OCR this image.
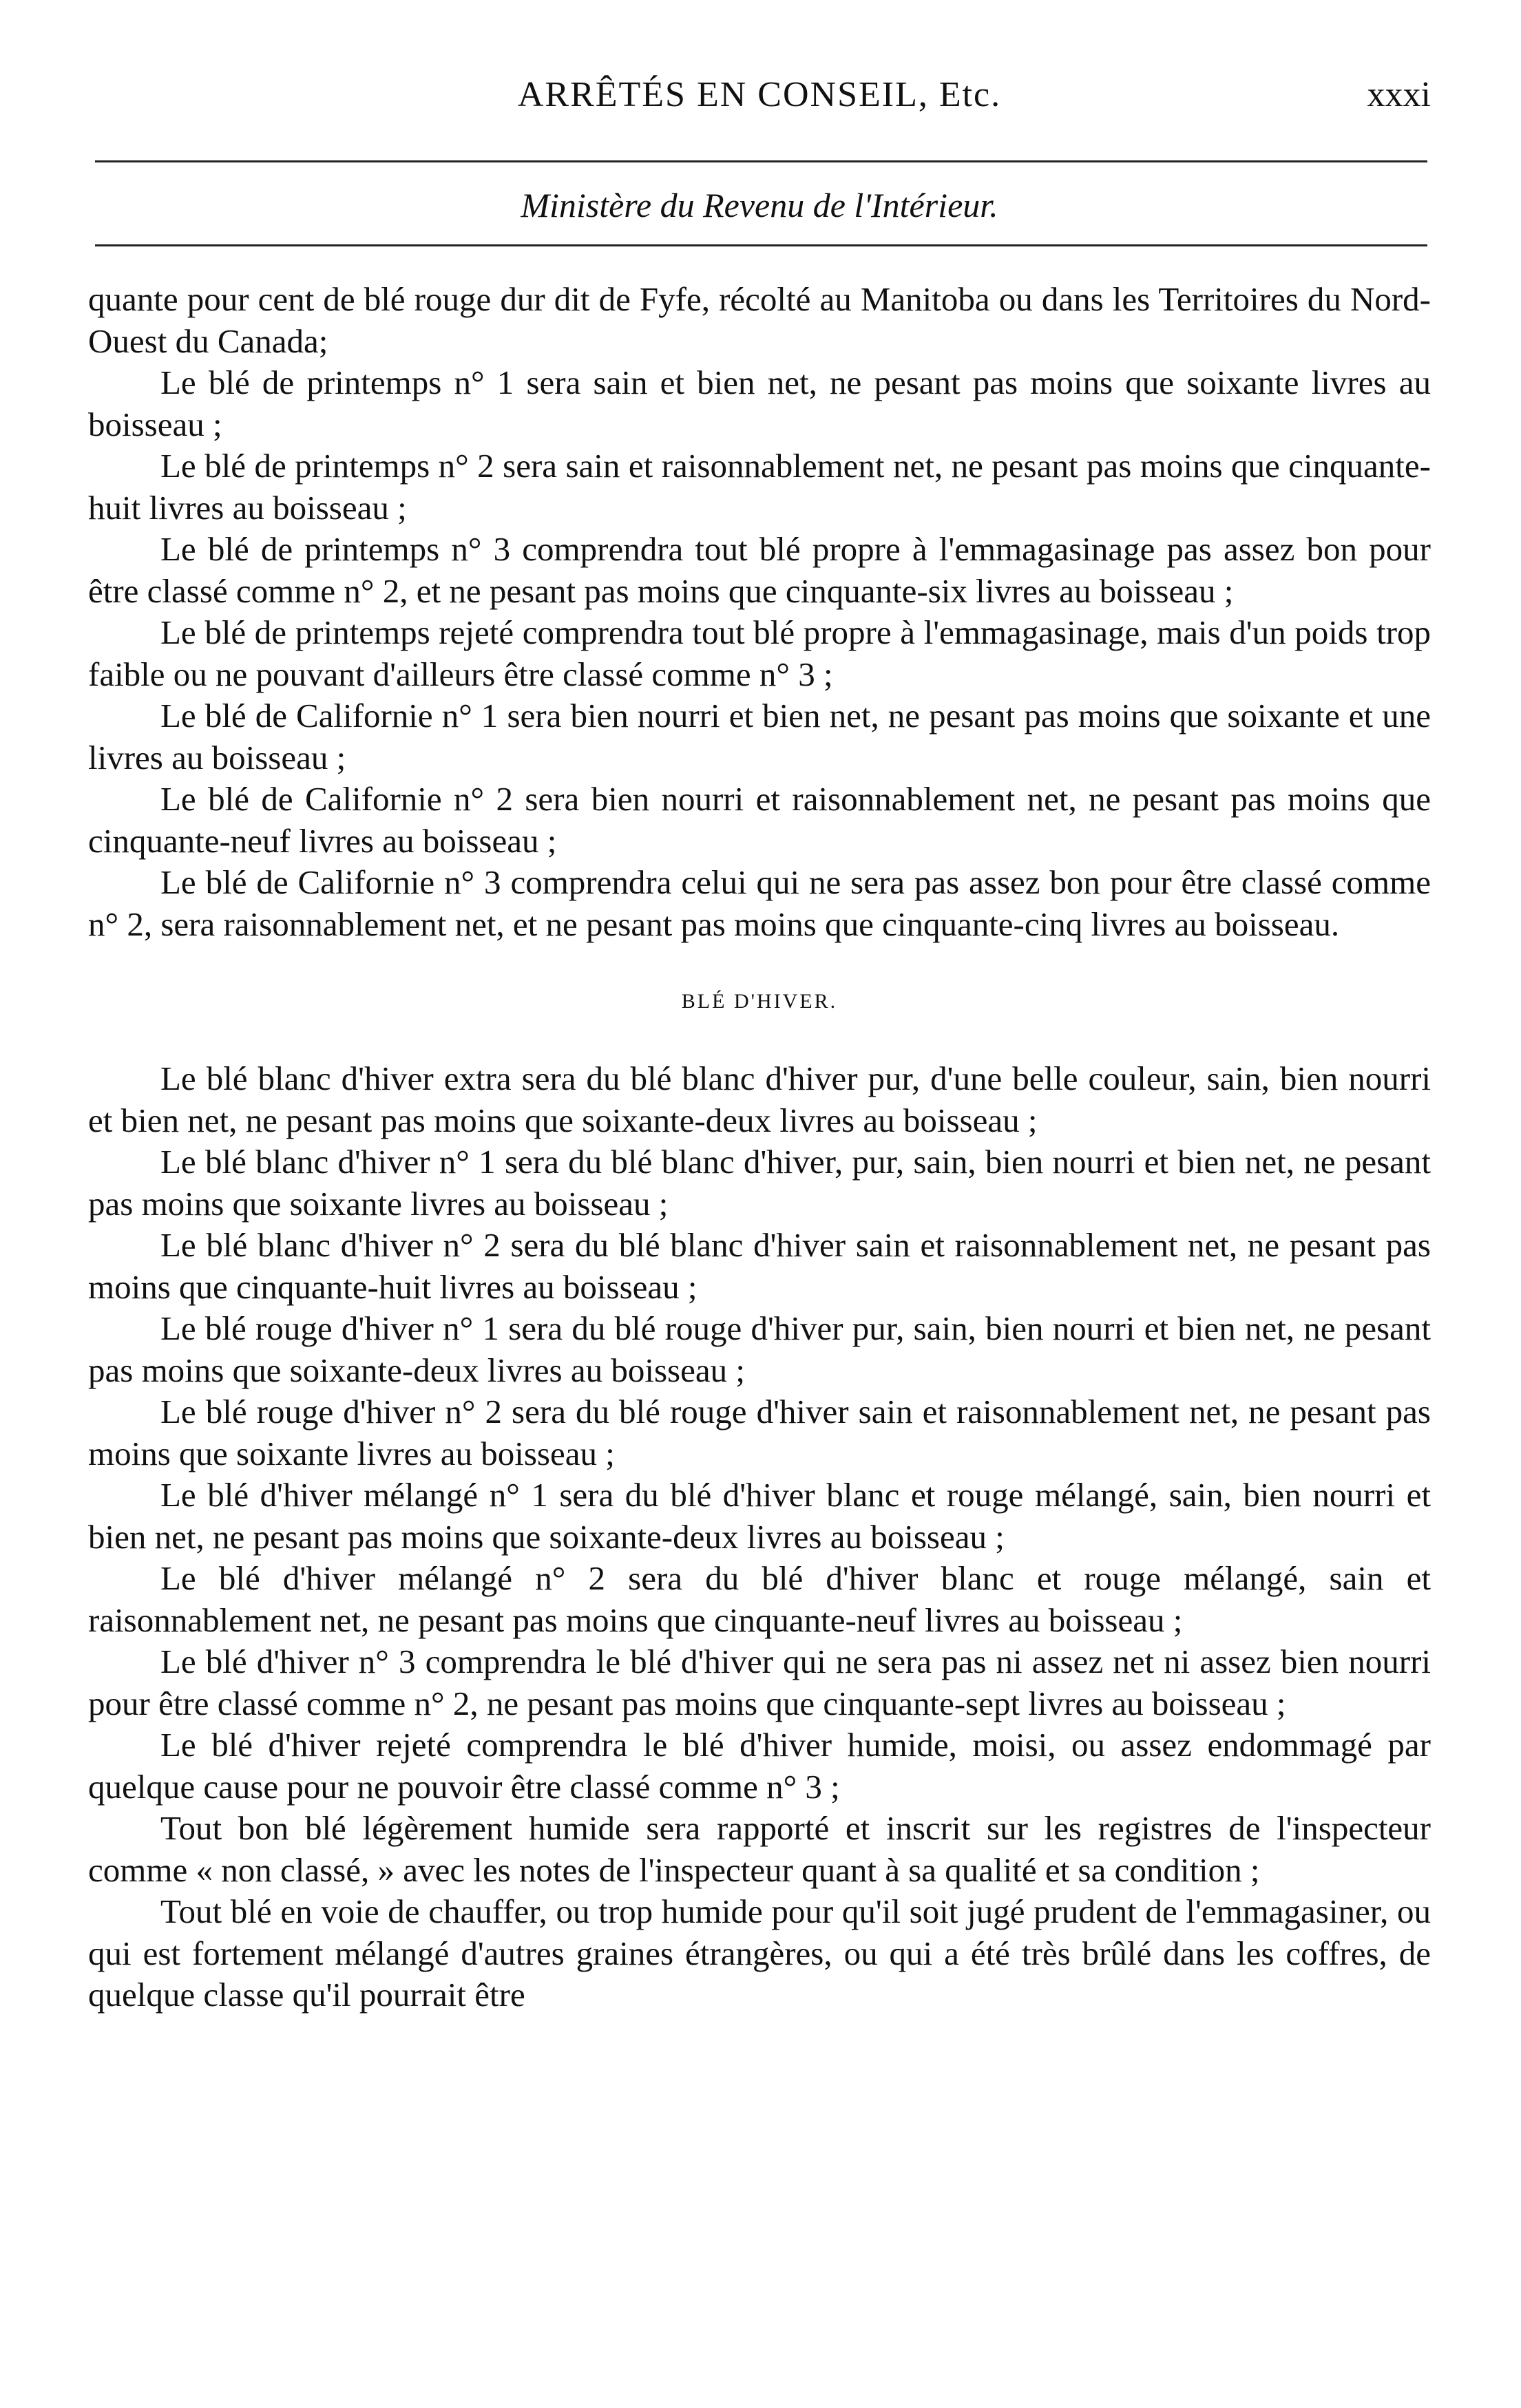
ARRÊTÉS EN CONSEIL, Etc.	xxxi
Ministère du Revenu de l'Intérieur.

quante pour cent de blé rouge dur dit de Fyfe, récolté au Manitoba ou dans les Territoires du Nord-Ouest du Canada;

Le blé de printemps n° 1 sera sain et bien net, ne pesant pas moins que soixante livres au boisseau ;

Le blé de printemps n° 2 sera sain et raisonnablement net, ne pesant pas moins que cinquante-huit livres au boisseau ;

Le blé de printemps n° 3 comprendra tout blé propre à l'emmagasinage pas assez bon pour être classé comme n° 2, et ne pesant pas moins que cinquante-six livres au boisseau ;

Le blé de printemps rejeté comprendra tout blé propre à l'emmagasinage, mais d'un poids trop faible ou ne pouvant d'ailleurs être classé comme n° 3 ;

Le blé de Californie n° 1 sera bien nourri et bien net, ne pesant pas moins que soixante et une livres au boisseau ;

Le blé de Californie n° 2 sera bien nourri et raisonnablement net, ne pesant pas moins que cinquante-neuf livres au boisseau ;

Le blé de Californie n° 3 comprendra celui qui ne sera pas assez bon pour être classé comme n° 2, sera raisonnablement net, et ne pesant pas moins que cinquante-cinq livres au boisseau.

BLÉ D'HIVER.

Le blé blanc d'hiver extra sera du blé blanc d'hiver pur, d'une belle couleur, sain, bien nourri et bien net, ne pesant pas moins que soixante-deux livres au boisseau ;

Le blé blanc d'hiver n° 1 sera du blé blanc d'hiver, pur, sain, bien nourri et bien net, ne pesant pas moins que soixante livres au boisseau ;

Le blé blanc d'hiver n° 2 sera du blé blanc d'hiver sain et raisonnablement net, ne pesant pas moins que cinquante-huit livres au boisseau ;

Le blé rouge d'hiver n° 1 sera du blé rouge d'hiver pur, sain, bien nourri et bien net, ne pesant pas moins que soixante-deux livres au boisseau ;

Le blé rouge d'hiver n° 2 sera du blé rouge d'hiver sain et raisonnablement net, ne pesant pas moins que soixante livres au boisseau ;

Le blé d'hiver mélangé n° 1 sera du blé d'hiver blanc et rouge mélangé, sain, bien nourri et bien net, ne pesant pas moins que soixante-deux livres au boisseau ;

Le blé d'hiver mélangé n° 2 sera du blé d'hiver blanc et rouge mélangé, sain et raisonnablement net, ne pesant pas moins que cinquante-neuf livres au boisseau ;

Le blé d'hiver n° 3 comprendra le blé d'hiver qui ne sera pas ni assez net ni assez bien nourri pour être classé comme n° 2, ne pesant pas moins que cinquante-sept livres au boisseau ;

Le blé d'hiver rejeté comprendra le blé d'hiver humide, moisi, ou assez endommagé par quelque cause pour ne pouvoir être classé comme n° 3 ;

Tout bon blé légèrement humide sera rapporté et inscrit sur les registres de l'inspecteur comme « non classé, » avec les notes de l'inspecteur quant à sa qualité et sa condition ;

Tout blé en voie de chauffer, ou trop humide pour qu'il soit jugé prudent de l'emmagasiner, ou qui est fortement mélangé d'autres graines étrangères, ou qui a été très brûlé dans les coffres, de quelque classe qu'il pourrait être
